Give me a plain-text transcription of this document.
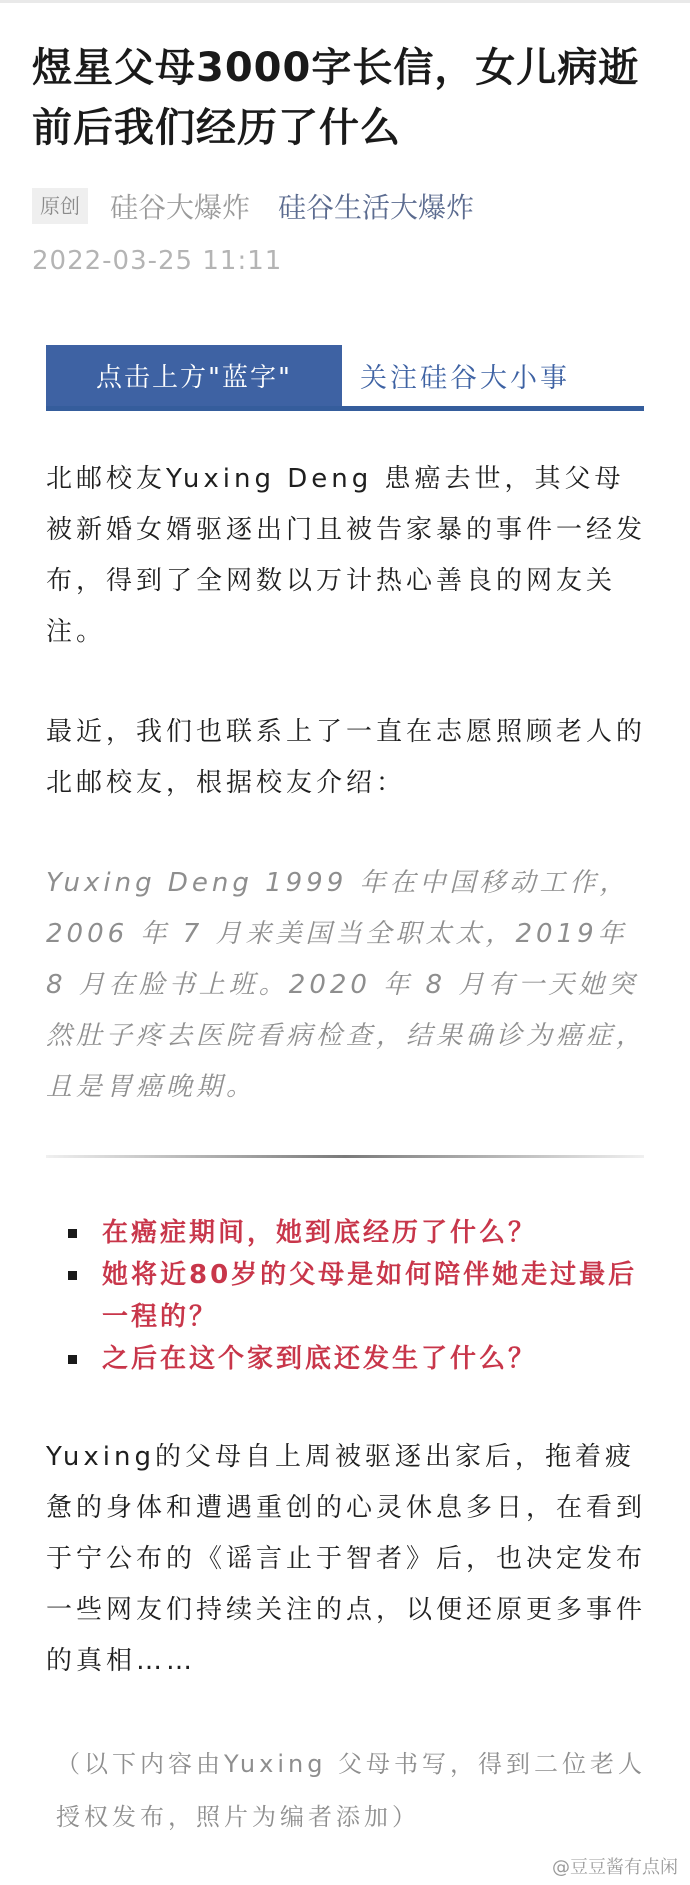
煜星父母3000字长信，女儿病逝前后我们经历了什么
原创 硅谷大爆炸 硅谷生活大爆炸
2022-03-25 11:11
点击上方"蓝字"	关注硅谷大小事

北邮校友Yuxing Deng 患癌去世，其父母被新婚女婿驱逐出门且被告家暴的事件一经发布，得到了全网数以万计热心善良的网友关注。

最近，我们也联系上了一直在志愿照顾老人的北邮校友，根据校友介绍：

Yuxing Deng 1999 年在中国移动工作，2006 年 7 月来美国当全职太太，2019年 8 月在脸书上班。2020 年 8 月有一天她突然肚子疼去医院看病检查，结果确诊为癌症，且是胃癌晚期。

在癌症期间，她到底经历了什么？
她将近80岁的父母是如何陪伴她走过最后一程的？
之后在这个家到底还发生了什么？

Yuxing的父母自上周被驱逐出家后，拖着疲惫的身体和遭遇重创的心灵休息多日，在看到于宁公布的《谣言止于智者》后，也决定发布一些网友们持续关注的点，以便还原更多事件的真相……

（以下内容由Yuxing 父母书写，得到二位老人授权发布，照片为编者添加）

@豆豆酱有点闲
